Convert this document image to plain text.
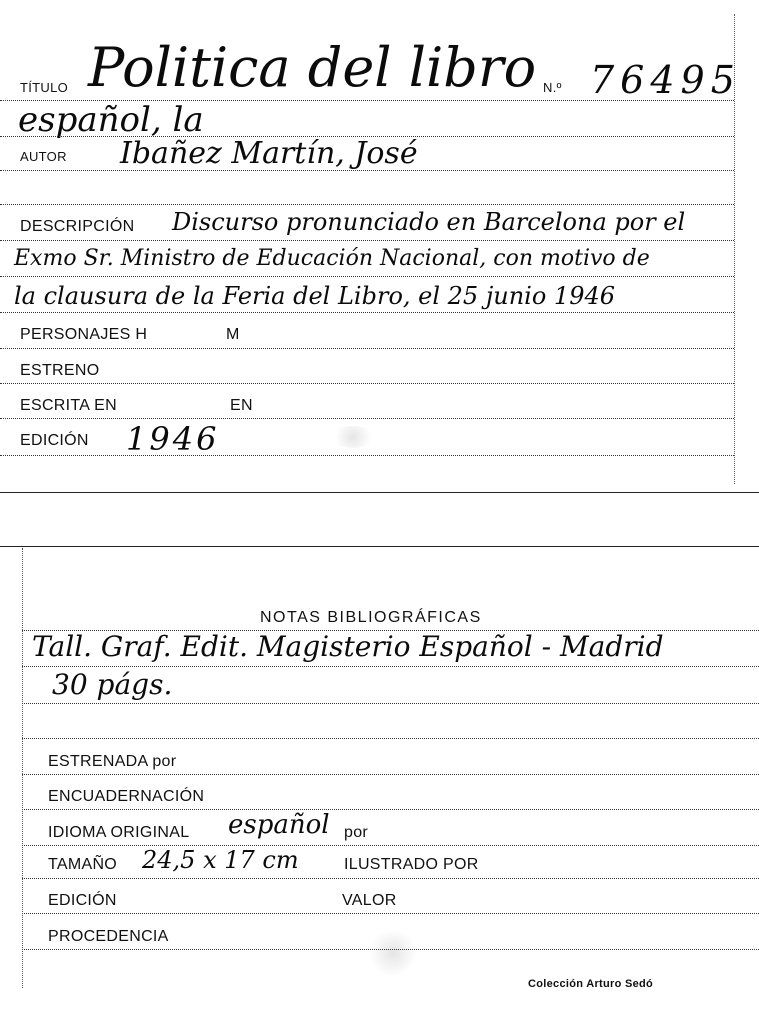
TÍTULO Politica del libro N.º 76495
español, la
AUTOR Ibañez Martín, José
DESCRIPCIÓN Discurso pronunciado en Barcelona por el
Exmo Sr. Ministro de Educación Nacional, con motivo de
la clausura de la Feria del Libro, el 25 junio 1946
PERSONAJES H	M
ESTRENO
ESCRITA EN	EN
EDICIÓN 1946
NOTAS BIBLIOGRÁFICAS
Tall. Graf. Edit. Magisterio Español - Madrid
30 págs.
ESTRENADA por
ENCUADERNACIÓN
IDIOMA ORIGINAL español por
TAMAÑO 24,5 x 17 cm	ILUSTRADO POR
EDICIÓN	VALOR
PROCEDENCIA
Colección Arturo Sedó
